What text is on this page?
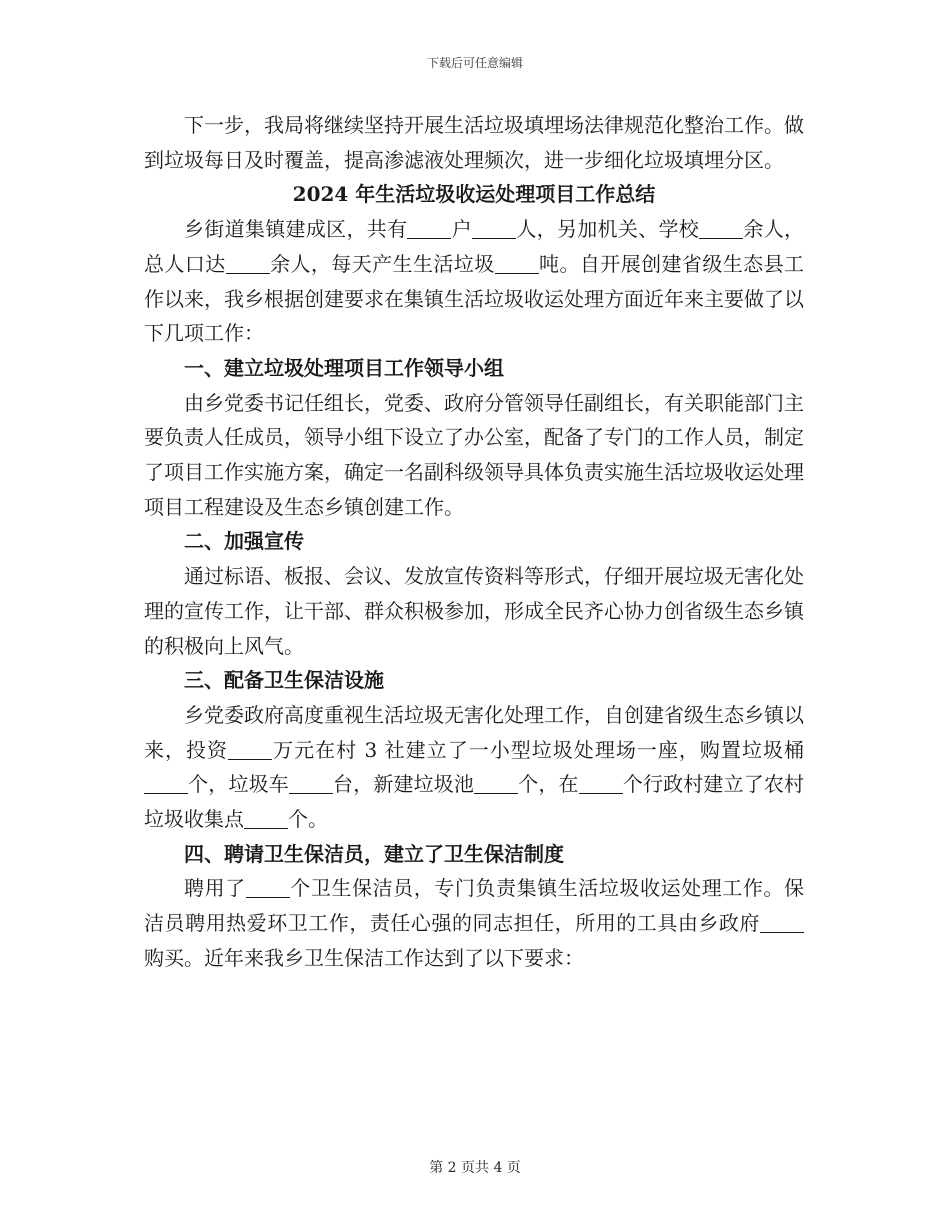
下载后可任意编辑

下一步，我局将继续坚持开展生活垃圾填埋场法律规范化整治工作。做到垃圾每日及时覆盖，提高渗滤液处理频次，进一步细化垃圾填埋分区。

2024 年生活垃圾收运处理项目工作总结

乡街道集镇建成区，共有 户 人，另加机关、学校 余人，总人口达 余人，每天产生生活垃圾 吨。自开展创建省级生态县工作以来，我乡根据创建要求在集镇生活垃圾收运处理方面近年来主要做了以下几项工作：

一、建立垃圾处理项目工作领导小组

由乡党委书记任组长，党委、政府分管领导任副组长，有关职能部门主要负责人任成员，领导小组下设立了办公室，配备了专门的工作人员，制定了项目工作实施方案，确定一名副科级领导具体负责实施生活垃圾收运处理项目工程建设及生态乡镇创建工作。

二、加强宣传

通过标语、板报、会议、发放宣传资料等形式，仔细开展垃圾无害化处理的宣传工作，让干部、群众积极参加，形成全民齐心协力创省级生态乡镇的积极向上风气。

三、配备卫生保洁设施

乡党委政府高度重视生活垃圾无害化处理工作，自创建省级生态乡镇以来，投资 万元在村 3 社建立了一小型垃圾处理场一座，购置垃圾桶个，垃圾车 台，新建垃圾池 个，在 个行政村建立了农村垃圾收集点 个。

四、聘请卫生保洁员，建立了卫生保洁制度

聘用了 个卫生保洁员，专门负责集镇生活垃圾收运处理工作。保洁员聘用热爱环卫工作，责任心强的同志担任，所用的工具由乡政府购买。近年来我乡卫生保洁工作达到了以下要求：

第 2 页共 4 页
